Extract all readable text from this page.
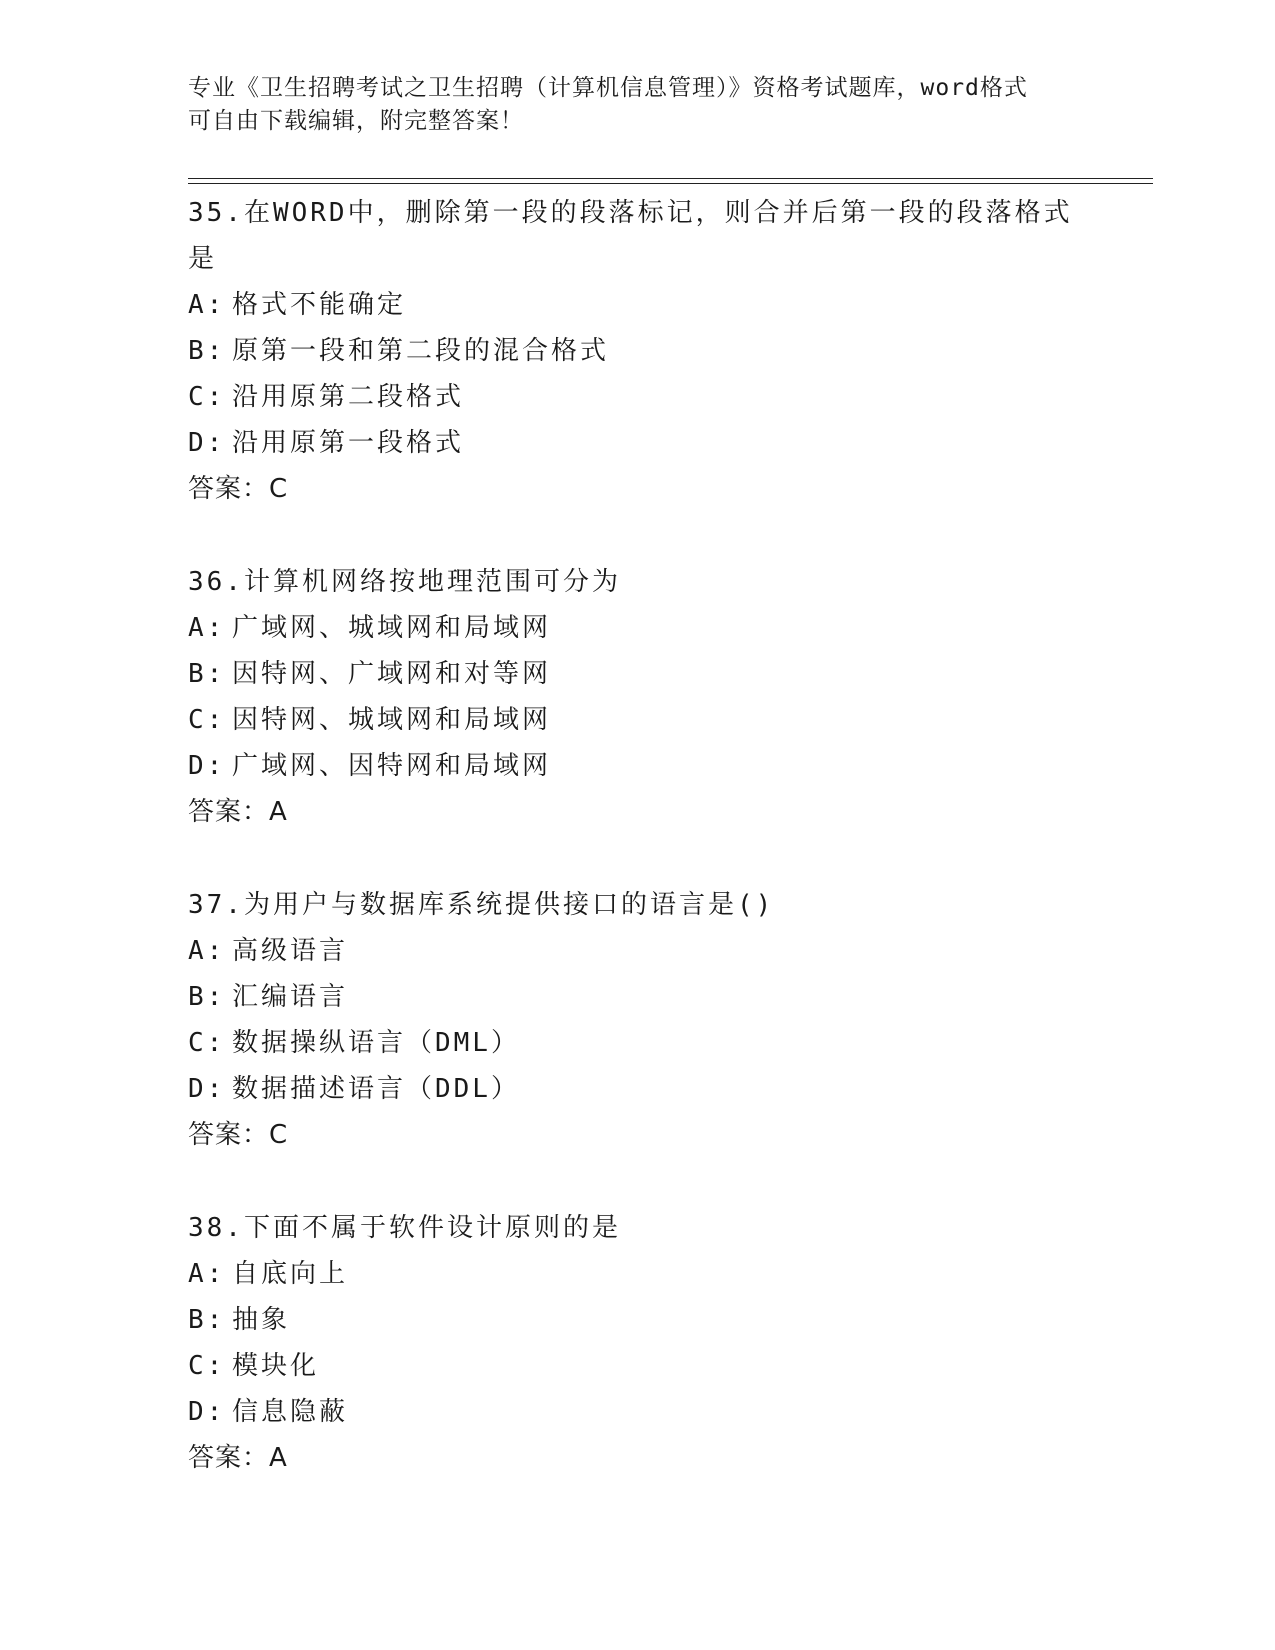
专业《卫生招聘考试之卫生招聘（计算机信息管理）》资格考试题库，word格式

可自由下载编辑，附完整答案！

35.在WORD中，删除第一段的段落标记，则合并后第一段的段落格式
是
A: 格式不能确定
B: 原第一段和第二段的混合格式
C: 沿用原第二段格式
D: 沿用原第一段格式
答案：C
36.计算机网络按地理范围可分为
A: 广域网、城域网和局域网
B: 因特网、广域网和对等网
C: 因特网、城域网和局域网
D: 广域网、因特网和局域网
答案：A
37.为用户与数据库系统提供接口的语言是()
A: 高级语言
B: 汇编语言
C: 数据操纵语言（DML）
D: 数据描述语言（DDL）
答案：C
38.下面不属于软件设计原则的是
A: 自底向上
B: 抽象
C: 模块化
D: 信息隐蔽
答案：A
